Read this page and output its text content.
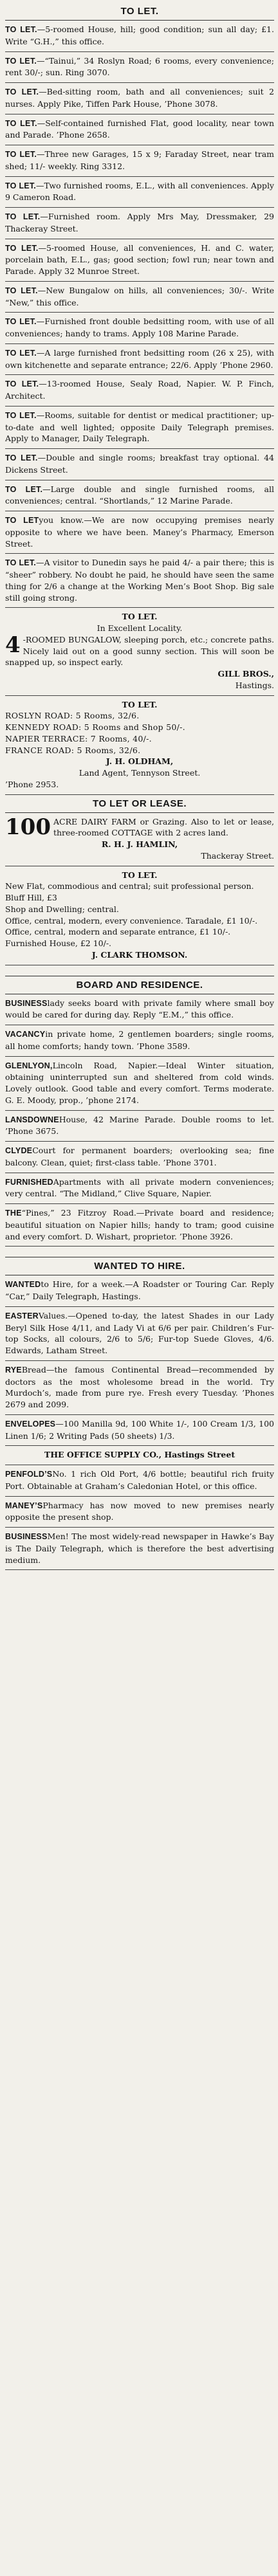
TO LET.

TO LET.—5-roomed House, hill; good condition; sun all day; £1. Write “G.H.,” this office.

TO LET.—“Tainui,” 34 Roslyn Road; 6 rooms, every convenience; rent 30/-; sun. Ring 3070.

TO LET.—Bed-sitting room, bath and all conveniences; suit 2 nurses. Apply Pike, Tiffen Park House, ’Phone 3078.

TO LET.—Self-contained furnished Flat, good locality, near town and Parade. ’Phone 2658.

TO LET.—Three new Garages, 15 x 9; Faraday Street, near tram shed; 11/- weekly. Ring 3312.

TO LET.—Two furnished rooms, E.L., with all conveniences. Apply 9 Cameron Road.

TO LET.—Furnished room. Apply Mrs May, Dressmaker, 29 Thackeray Street.

TO LET.—5-roomed House, all conveniences, H. and C. water, porcelain bath, E.L., gas; good section; fowl run; near town and Parade. Apply 32 Munroe Street.

TO LET.—New Bungalow on hills, all conveniences; 30/-. Write “New,” this office.

TO LET.—Furnished front double bedsitting room, with use of all conveniences; handy to trams. Apply 108 Marine Parade.

TO LET.—A large furnished front bedsitting room (26 x 25), with own kitchenette and separate entrance; 22/6. Apply ’Phone 2960.

TO LET.—13-roomed House, Sealy Road, Napier. W. P. Finch, Architect.

TO LET.—Rooms, suitable for dentist or medical practitioner; up-to-date and well lighted; opposite Daily Telegraph premises. Apply to Manager, Daily Telegraph.

TO LET.—Double and single rooms; breakfast tray optional. 44 Dickens Street.

TO LET.—Large double and single furnished rooms, all conveniences; central. “Shortlands,” 12 Marine Parade.

TO LETyou know.—We are now occupying premises nearly opposite to where we have been. Maney’s Pharmacy, Emerson Street.

TO LET.—A visitor to Dunedin says he paid 4/- a pair there; this is “sheer” robbery. No doubt he paid, he should have seen the same thing for 2/6 a change at the Working Men’s Boot Shop. Big sale still going strong.

TO LET.

In Excellent Locality.

4 -ROOMED BUNGALOW, sleeping porch, etc.; concrete paths. Nicely laid out on a good sunny section. This will soon be snapped up, so inspect early.

GILL BROS.,

Hastings.

TO LET.

ROSLYN ROAD: 5 Rooms, 32/6.

KENNEDY ROAD: 5 Rooms and Shop 50/-.

NAPIER TERRACE: 7 Rooms, 40/-.

FRANCE ROAD: 5 Rooms, 32/6.

J. H. OLDHAM,

Land Agent, Tennyson Street.

’Phone 2953.

TO LET OR LEASE.

100 ACRE DAIRY FARM or Grazing. Also to let or lease, three-roomed COTTAGE with 2 acres land.

R. H. J. HAMLIN,

Thackeray Street.

TO LET.

New Flat, commodious and central; suit professional person.

Bluff Hill, £3

Shop and Dwelling; central.

Office, central, modern, every convenience. Taradale, £1 10/-.

Office, central, modern and separate entrance, £1 10/-.

Furnished House, £2 10/-.

J. CLARK THOMSON.

BOARD AND RESIDENCE.

BUSINESSlady seeks board with private family where small boy would be cared for during day. Reply “E.M.,” this office.

VACANCYin private home, 2 gentlemen boarders; single rooms, all home comforts; handy town. ’Phone 3589.

GLENLYON,Lincoln Road, Napier.—Ideal Winter situation, obtaining uninterrupted sun and sheltered from cold winds. Lovely outlook. Good table and every comfort. Terms moderate. G. E. Moody, prop., ’phone 2174.

LANSDOWNEHouse, 42 Marine Parade. Double rooms to let. ’Phone 3675.

CLYDECourt for permanent boarders; overlooking sea; fine balcony. Clean, quiet; first-class table. ’Phone 3701.

FURNISHEDApartments with all private modern conveniences; very central. “The Midland,” Clive Square, Napier.

THE“Pines,” 23 Fitzroy Road.—Private board and residence; beautiful situation on Napier hills; handy to tram; good cuisine and every comfort. D. Wishart, proprietor. ’Phone 3926.

WANTED TO HIRE.

WANTEDto Hire, for a week.—A Roadster or Touring Car. Reply “Car,” Daily Telegraph, Hastings.

EASTERValues.—Opened to-day, the latest Shades in our Lady Beryl Silk Hose 4/11, and Lady Vi at 6/6 per pair. Children’s Fur-top Socks, all colours, 2/6 to 5/6; Fur-top Suede Gloves, 4/6. Edwards, Latham Street.

RYEBread—the famous Continental Bread—recommended by doctors as the most wholesome bread in the world. Try Murdoch’s, made from pure rye. Fresh every Tuesday. ’Phones 2679 and 2099.

ENVELOPES—100 Manilla 9d, 100 White 1/-, 100 Cream 1/3, 100 Linen 1/6; 2 Writing Pads (50 sheets) 1/3.

THE OFFICE SUPPLY CO., Hastings Street

PENFOLD’SNo. 1 rich Old Port, 4/6 bottle; beautiful rich fruity Port. Obtainable at Graham’s Caledonian Hotel, or this office.

MANEY’SPharmacy has now moved to new premises nearly opposite the present shop.

BUSINESSMen! The most widely-read newspaper in Hawke’s Bay is The Daily Telegraph, which is therefore the best advertising medium.
